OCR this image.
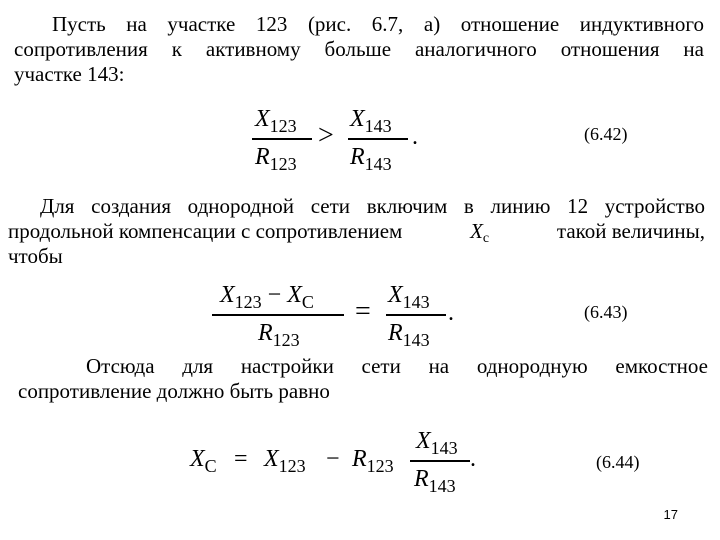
Пусть на участке 123 (рис. 6.7, а) отношение индуктивного
сопротивления к активному больше аналогичного отношения на
участке 143:
$X_{123}$
$R_{123}$
>
$X_{143}$
$R_{143}$
.	(6.42)
Для создания однородной сети включим в линию 12 устройство
продольной компенсации с сопротивлением	$X_c$	такой величины,
чтобы
$X_{123} - X_C$
$R_{123}$
=
$X_{143}$
$R_{143}$
.	(6.43)
Отсюда для настройки сети на однородную емкостное
сопротивление должно быть равно
$X_C = X_{123} - R_{123}$
$X_{143}$
$R_{143}$
.	(6.44)
17
